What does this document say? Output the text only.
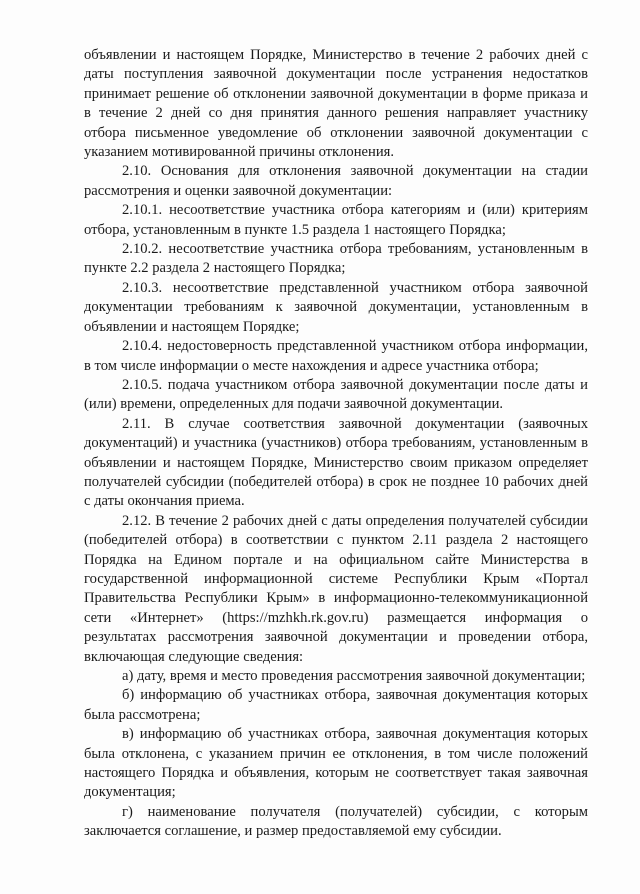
объявлении и настоящем Порядке, Министерство в течение 2 рабочих дней с даты поступления заявочной документации после устранения недостатков принимает решение об отклонении заявочной документации в форме приказа и в течение 2 дней со дня принятия данного решения направляет участнику отбора письменное уведомление об отклонении заявочной документации с указанием мотивированной причины отклонения.

2.10. Основания для отклонения заявочной документации на стадии рассмотрения и оценки заявочной документации:

2.10.1. несоответствие участника отбора категориям и (или) критериям отбора, установленным в пункте 1.5 раздела 1 настоящего Порядка;

2.10.2. несоответствие участника отбора требованиям, установленным в пункте 2.2 раздела 2 настоящего Порядка;

2.10.3. несоответствие представленной участником отбора заявочной документации требованиям к заявочной документации, установленным в объявлении и настоящем Порядке;

2.10.4. недостоверность представленной участником отбора информации, в том числе информации о месте нахождения и адресе участника отбора;

2.10.5. подача участником отбора заявочной документации после даты и (или) времени, определенных для подачи заявочной документации.

2.11. В случае соответствия заявочной документации (заявочных документаций) и участника (участников) отбора требованиям, установленным в объявлении и настоящем Порядке, Министерство своим приказом определяет получателей субсидии (победителей отбора) в срок не позднее 10 рабочих дней с даты окончания приема.

2.12. В течение 2 рабочих дней с даты определения получателей субсидии (победителей отбора) в соответствии с пунктом 2.11 раздела 2 настоящего Порядка на Едином портале и на официальном сайте Министерства в государственной информационной системе Республики Крым «Портал Правительства Республики Крым» в информационно-телекоммуникационной сети «Интернет» (https://mzhkh.rk.gov.ru) размещается информация о результатах рассмотрения заявочной документации и проведении отбора, включающая следующие сведения:

а) дату, время и место проведения рассмотрения заявочной документации;

б) информацию об участниках отбора, заявочная документация которых была рассмотрена;

в) информацию об участниках отбора, заявочная документация которых была отклонена, с указанием причин ее отклонения, в том числе положений настоящего Порядка и объявления, которым не соответствует такая заявочная документация;

г) наименование получателя (получателей) субсидии, с которым заключается соглашение, и размер предоставляемой ему субсидии.
